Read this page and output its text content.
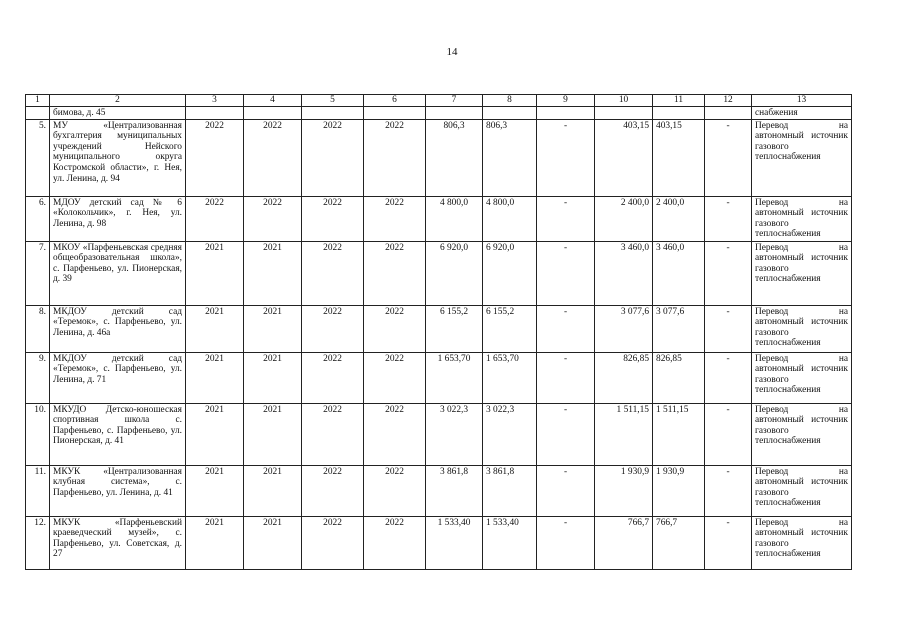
14
1	2	3	4	5	6	7	8	9	10	11	12	13
	бимова, д. 45											снабжения
5.	МУ «Централизованная бухгалтерия муниципальных учреждений Нейского муниципального округа Костромской области», г. Нея, ул. Ленина, д. 94	2022	2022	2022	2022	806,3	806,3	-	403,15	403,15	-	Перевод на автономный источник газового теплоснабжения
6.	МДОУ детский сад № 6 «Колокольчик», г. Нея, ул. Ленина, д. 98	2022	2022	2022	2022	4 800,0	4 800,0	-	2 400,0	2 400,0	-	Перевод на автономный источник газового теплоснабжения
7.	МКОУ «Парфеньевская средняя общеобразовательная школа», с. Парфеньево, ул. Пионерская, д. 39	2021	2021	2022	2022	6 920,0	6 920,0	-	3 460,0	3 460,0	-	Перевод на автономный источник газового теплоснабжения
8.	МКДОУ детский сад «Теремок», с. Парфеньево, ул. Ленина, д. 46а	2021	2021	2022	2022	6 155,2	6 155,2	-	3 077,6	3 077,6	-	Перевод на автономный источник газового теплоснабжения
9.	МКДОУ детский сад «Теремок», с. Парфеньево, ул. Ленина, д. 71	2021	2021	2022	2022	1 653,70	1 653,70	-	826,85	826,85	-	Перевод на автономный источник газового теплоснабжения
10.	МКУДО Детско-юношеская спортивная школа с. Парфеньево, с. Парфеньево, ул. Пионерская, д. 41	2021	2021	2022	2022	3 022,3	3 022,3	-	1 511,15	1 511,15	-	Перевод на автономный источник газового теплоснабжения
11.	МКУК «Централизованная клубная система», с. Парфеньево, ул. Ленина, д. 41	2021	2021	2022	2022	3 861,8	3 861,8	-	1 930,9	1 930,9	-	Перевод на автономный источник газового теплоснабжения
12.	МКУК «Парфеньевский краеведческий музей», с. Парфеньево, ул. Советская, д. 27	2021	2021	2022	2022	1 533,40	1 533,40	-	766,7	766,7	-	Перевод на автономный источник газового теплоснабжения
